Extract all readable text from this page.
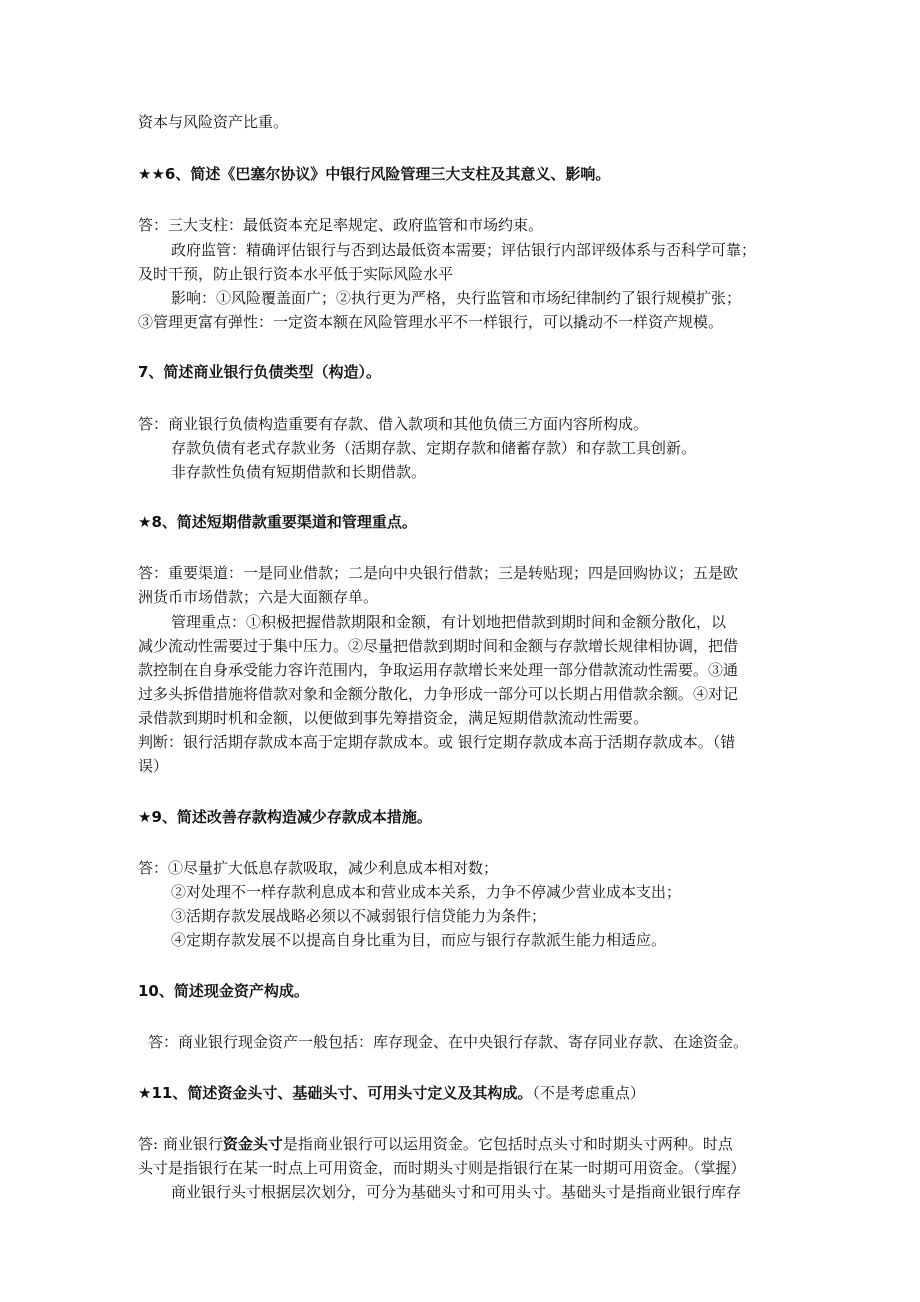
资本与风险资产比重。
★★6、简述《巴塞尔协议》中银行风险管理三大支柱及其意义、影响。
答：三大支柱：最低资本充足率规定、政府监管和市场约束。
政府监管：精确评估银行与否到达最低资本需要；评估银行内部评级体系与否科学可靠；
及时干预，防止银行资本水平低于实际风险水平
影响：①风险覆盖面广；②执行更为严格，央行监管和市场纪律制约了银行规模扩张；
③管理更富有弹性：一定资本额在风险管理水平不一样银行，可以撬动不一样资产规模。
7、简述商业银行负债类型（构造）。
答：商业银行负债构造重要有存款、借入款项和其他负债三方面内容所构成。
存款负债有老式存款业务（活期存款、定期存款和储蓄存款）和存款工具创新。
非存款性负债有短期借款和长期借款。
★8、简述短期借款重要渠道和管理重点。
答：重要渠道：一是同业借款；二是向中央银行借款；三是转贴现；四是回购协议；五是欧
洲货币市场借款；六是大面额存单。
管理重点：①积极把握借款期限和金额，有计划地把借款到期时间和金额分散化，以
减少流动性需要过于集中压力。②尽量把借款到期时间和金额与存款增长规律相协调，把借
款控制在自身承受能力容许范围内，争取运用存款增长来处理一部分借款流动性需要。③通
过多头拆借措施将借款对象和金额分散化，力争形成一部分可以长期占用借款余额。④对记
录借款到期时机和金额，以便做到事先筹措资金，满足短期借款流动性需要。
判断：银行活期存款成本高于定期存款成本。或 银行定期存款成本高于活期存款成本。（错
误）
★9、简述改善存款构造减少存款成本措施。
答：①尽量扩大低息存款吸取，减少利息成本相对数；
②对处理不一样存款利息成本和营业成本关系，力争不停减少营业成本支出；
③活期存款发展战略必须以不减弱银行信贷能力为条件；
④定期存款发展不以提高自身比重为目，而应与银行存款派生能力相适应。
10、简述现金资产构成。
答：商业银行现金资产一般包括：库存现金、在中央银行存款、寄存同业存款、在途资金。
★11、简述资金头寸、基础头寸、可用头寸定义及其构成。（不是考虑重点）
答: 商业银行资金头寸是指商业银行可以运用资金。它包括时点头寸和时期头寸两种。时点
头寸是指银行在某一时点上可用资金，而时期头寸则是指银行在某一时期可用资金。（掌握）
商业银行头寸根据层次划分，可分为基础头寸和可用头寸。基础头寸是指商业银行库存
